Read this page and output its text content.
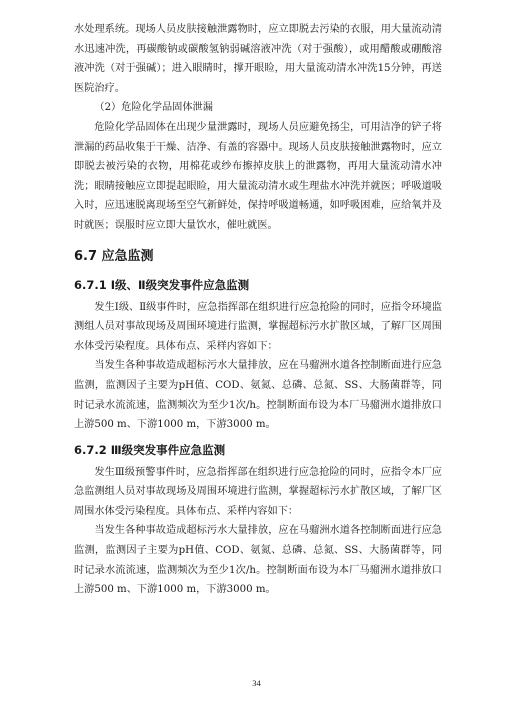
水处理系统。现场人员皮肤接触泄露物时，应立即脱去污染的衣服，用大量流动清水迅速冲洗，再碳酸钠或碳酸氢钠弱碱溶液冲洗（对于强酸），或用醋酸或硼酸溶液冲洗（对于强碱）；进入眼睛时，撑开眼睑，用大量流动清水冲洗15分钟，再送医院治疗。

（2）危险化学品固体泄漏

危险化学品固体在出现少量泄露时，现场人员应避免扬尘，可用洁净的铲子将泄漏的药品收集于干燥、洁净、有盖的容器中。现场人员皮肤接触泄露物时，应立即脱去被污染的衣物，用棉花或纱布擦掉皮肤上的泄露物，再用大量流动清水冲洗；眼睛接触应立即提起眼睑，用大量流动清水或生理盐水冲洗并就医；呼吸道吸入时，应迅速脱离现场至空气新鲜处，保持呼吸道畅通，如呼吸困难，应给氧并及时就医；误服时应立即大量饮水，催吐就医。

6.7 应急监测
6.7.1 Ⅰ级、Ⅱ级突发事件应急监测

发生Ⅰ级、Ⅱ级事件时，应急指挥部在组织进行应急抢险的同时，应指令环境监测组人员对事故现场及周围环境进行监测，掌握超标污水扩散区域，了解厂区周围水体受污染程度。具体布点、采样内容如下：

当发生各种事故造成超标污水大量排放，应在马骝洲水道各控制断面进行应急监测，监测因子主要为pH值、COD、氨氮、总磷、总氮、SS、大肠菌群等，同时记录水流流速，监测频次为至少1次/h。控制断面布设为本厂马骝洲水道排放口上游500 m、下游1000 m，下游3000 m。

6.7.2 Ⅲ级突发事件应急监测

发生Ⅲ级预警事件时，应急指挥部在组织进行应急抢险的同时，应指令本厂应急监测组人员对事故现场及周围环境进行监测，掌握超标污水扩散区域，了解厂区周围水体受污染程度。具体布点、采样内容如下：

当发生各种事故造成超标污水大量排放，应在马骝洲水道各控制断面进行应急监测，监测因子主要为pH值、COD、氨氮、总磷、总氮、SS、大肠菌群等，同时记录水流流速，监测频次为至少1次/h。控制断面布设为本厂马骝洲水道排放口上游500 m、下游1000 m，下游3000 m。

34
